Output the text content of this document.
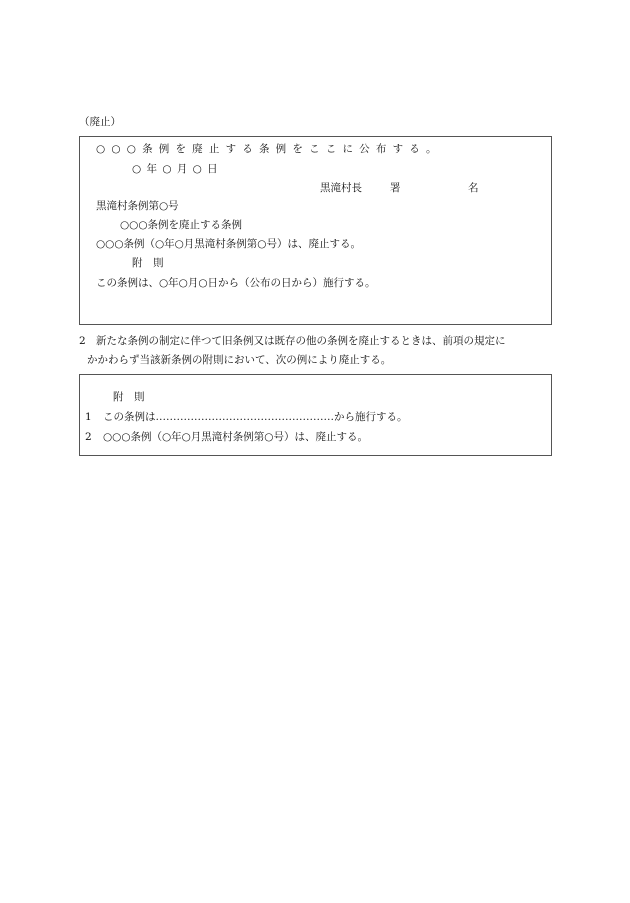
（廃止）
○○○条例を廃止する条例をここに公布する。
○ 年 ○ 月 ○ 日
黒滝村長	署	名
黒滝村条例第○号
○○○条例を廃止する条例
○○○条例（○年○月黒滝村条例第○号）は、廃止する。
附　則
この条例は、○年○月○日から（公布の日から）施行する。
2 新たな条例の制定に伴つて旧条例又は既存の他の条例を廃止するときは、前項の規定に
かかわらず当該新条例の附則において、次の例により廃止する。
附　則
1 この条例は……………………………………………から施行する。
2 ○○○条例（○年○月黒滝村条例第○号）は、廃止する。
